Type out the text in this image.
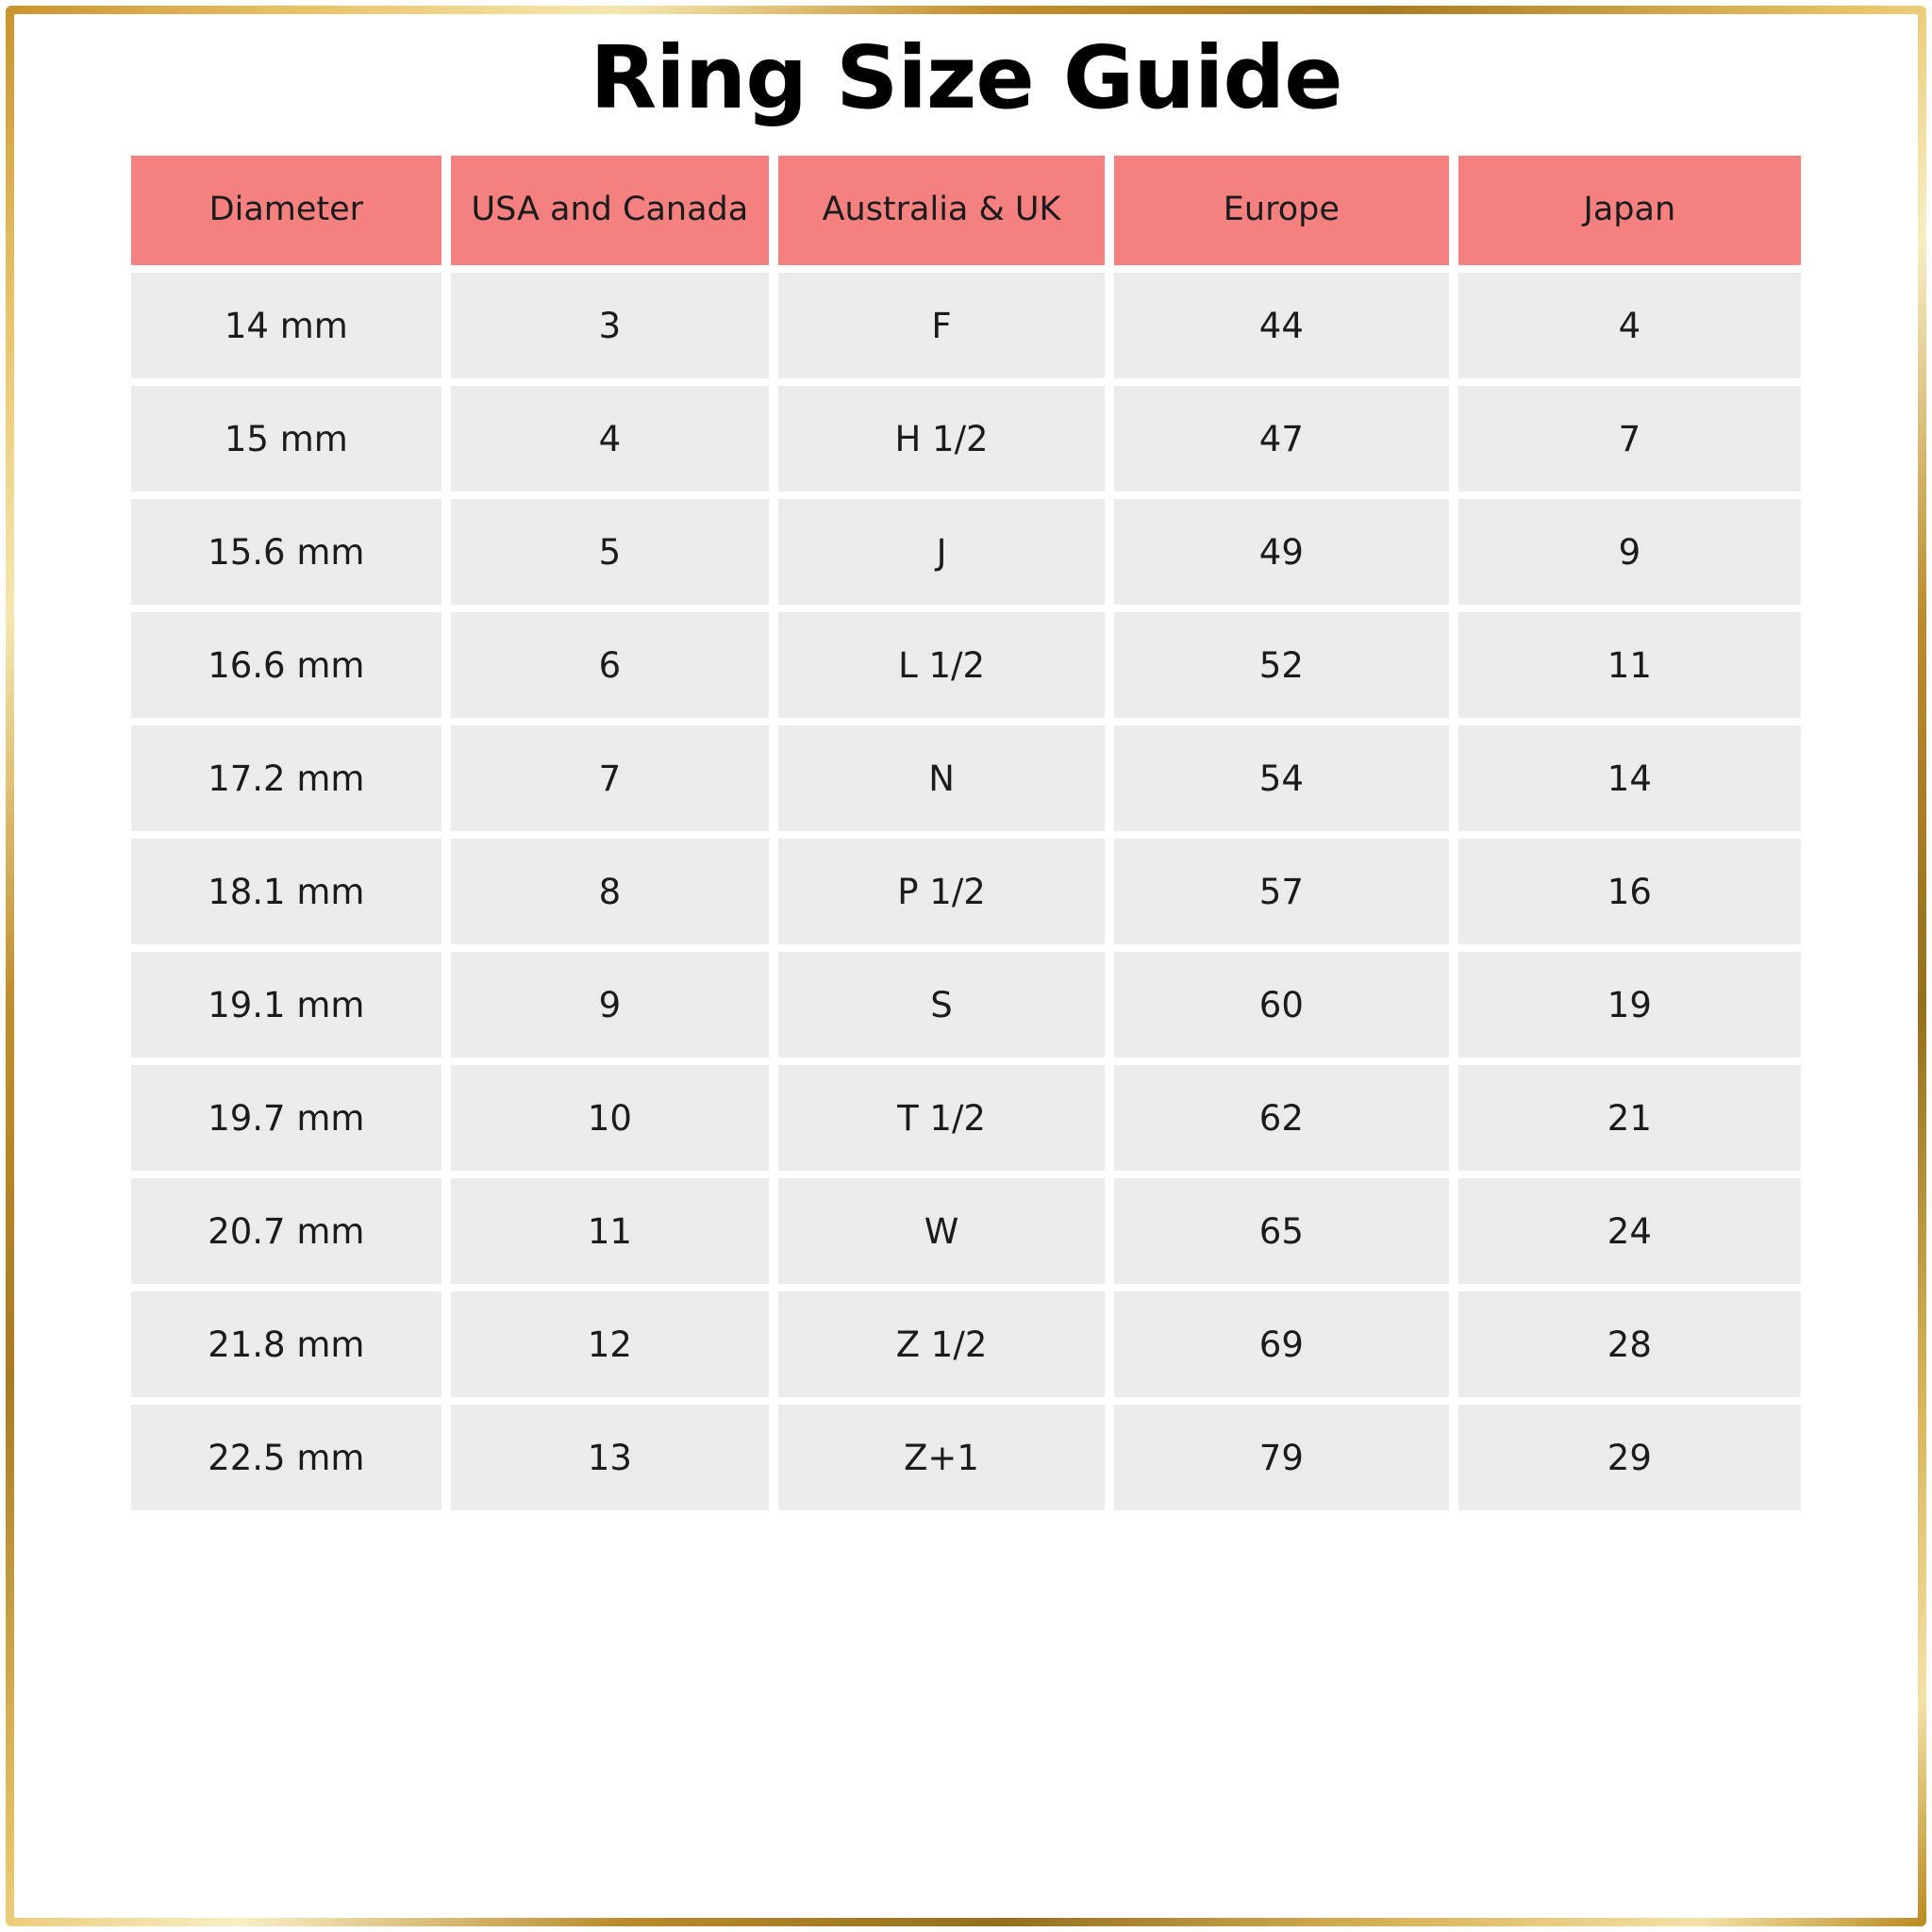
Ring Size Guide
Diameter	USA and Canada	Australia & UK	Europe	Japan
14 mm	3	F	44	4
15 mm	4	H 1/2	47	7
15.6 mm	5	J	49	9
16.6 mm	6	L 1/2	52	11
17.2 mm	7	N	54	14
18.1 mm	8	P 1/2	57	16
19.1 mm	9	S	60	19
19.7 mm	10	T 1/2	62	21
20.7 mm	11	W	65	24
21.8 mm	12	Z 1/2	69	28
22.5 mm	13	Z+1	79	29
